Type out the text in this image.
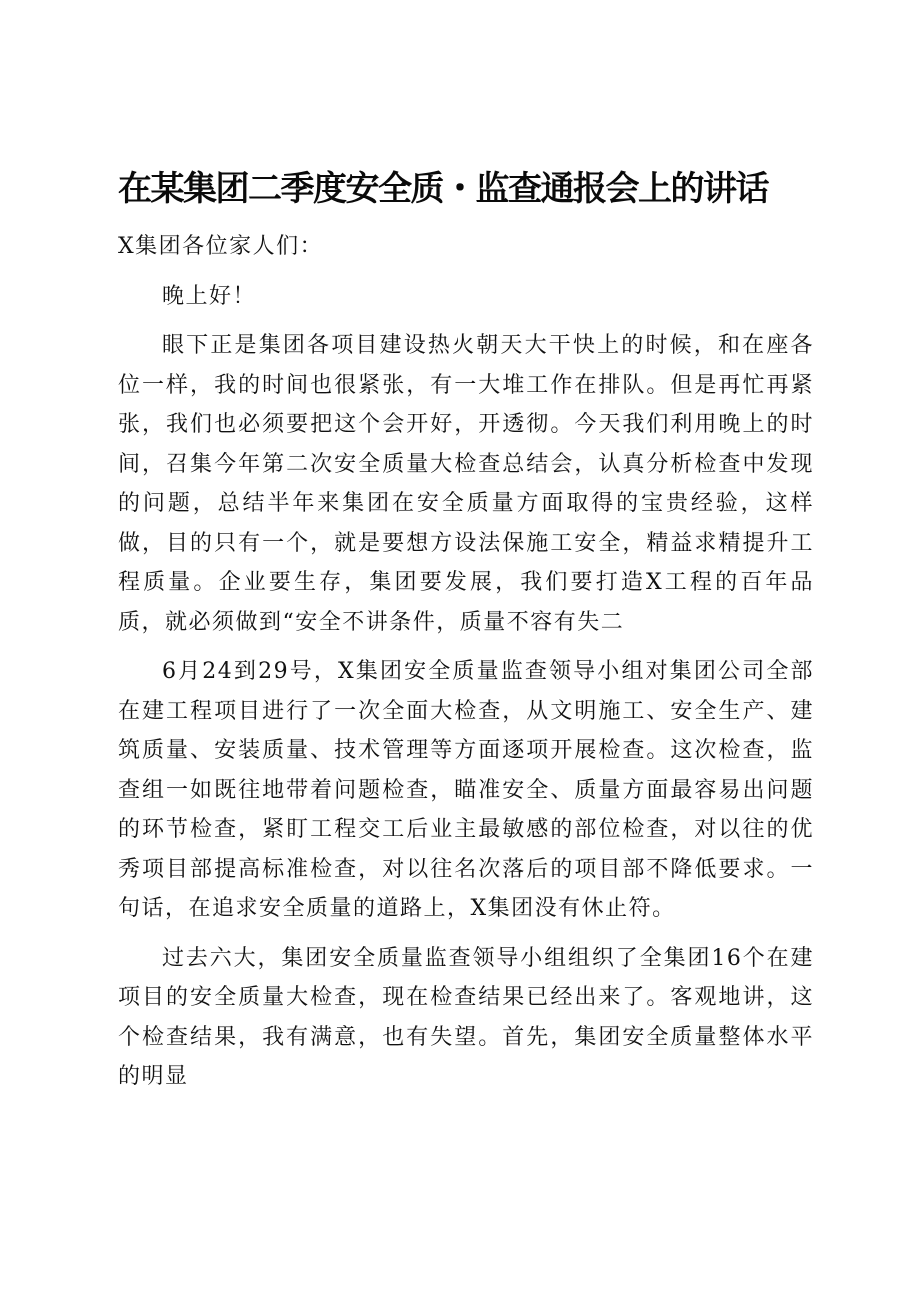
在某集团二季度安全质・监查通报会上的讲话

X集团各位家人们：

晚上好！

眼下正是集团各项目建设热火朝天大干快上的时候，和在座各位一样，我的时间也很紧张，有一大堆工作在排队。但是再忙再紧张，我们也必须要把这个会开好，开透彻。今天我们利用晚上的时间，召集今年第二次安全质量大检查总结会，认真分析检查中发现的问题，总结半年来集团在安全质量方面取得的宝贵经验，这样做，目的只有一个，就是要想方设法保施工安全，精益求精提升工程质量。企业要生存，集团要发展，我们要打造X工程的百年品质，就必须做到“安全不讲条件，质量不容有失二

6月24到29号，X集团安全质量监查领导小组对集团公司全部在建工程项目进行了一次全面大检查，从文明施工、安全生产、建筑质量、安装质量、技术管理等方面逐项开展检查。这次检查，监查组一如既往地带着问题检查，瞄准安全、质量方面最容易出问题的环节检查，紧盯工程交工后业主最敏感的部位检查，对以往的优秀项目部提高标准检查，对以往名次落后的项目部不降低要求。一句话，在追求安全质量的道路上，X集团没有休止符。

过去六大，集团安全质量监查领导小组组织了全集团16个在建项目的安全质量大检查，现在检查结果已经出来了。客观地讲，这个检查结果，我有满意，也有失望。首先，集团安全质量整体水平的明显
